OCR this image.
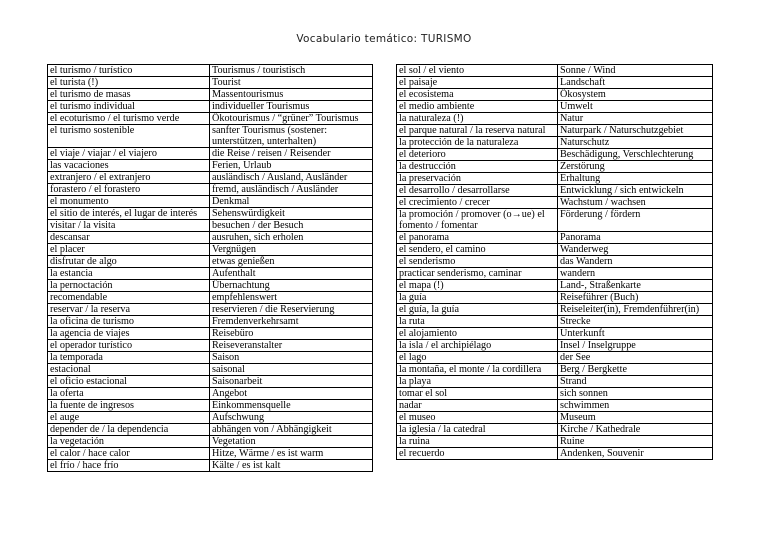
Vocabulario temático: TURISMO
el turismo / turístico	Tourismus / touristisch
el turista (!)	Tourist
el turismo de masas	Massentourismus
el turismo individual	individueller Tourismus
el ecoturismo / el turismo verde	Ökotourismus / “grüner” Tourismus
el turismo sostenible	sanfter Tourismus (sostener: unterstützen, unterhalten)
el viaje / viajar / el viajero	die Reise / reisen / Reisender
las vacaciones	Ferien, Urlaub
extranjero / el extranjero	ausländisch / Ausland, Ausländer
forastero / el forastero	fremd, ausländisch / Ausländer
el monumento	Denkmal
el sitio de interés, el lugar de interés	Sehenswürdigkeit
visitar / la visita	besuchen / der Besuch
descansar	ausruhen, sich erholen
el placer	Vergnügen
disfrutar de algo	etwas genießen
la estancia	Aufenthalt
la pernoctación	Übernachtung
recomendable	empfehlenswert
reservar / la reserva	reservieren / die Reservierung
la oficina de turismo	Fremdenverkehrsamt
la agencia de viajes	Reisebüro
el operador turístico	Reiseveranstalter
la temporada	Saison
estacional	saisonal
el oficio estacional	Saisonarbeit
la oferta	Angebot
la fuente de ingresos	Einkommensquelle
el auge	Aufschwung
depender de / la dependencia	abhängen von / Abhängigkeit
la vegetación	Vegetation
el calor / hace calor	Hitze, Wärme / es ist warm
el frío / hace frío	Kälte / es ist kalt
el sol / el viento	Sonne / Wind
el paisaje	Landschaft
el ecosistema	Ökosystem
el medio ambiente	Umwelt
la naturaleza (!)	Natur
el parque natural / la reserva natural	Naturpark / Naturschutzgebiet
la protección de la naturaleza	Naturschutz
el deterioro	Beschädigung, Verschlechterung
la destrucción	Zerstörung
la preservación	Erhaltung
el desarrollo / desarrollarse	Entwicklung / sich entwickeln
el crecimiento / crecer	Wachstum / wachsen
la promoción / promover (o→ue) el fomento / fomentar	Förderung / fördern
el panorama	Panorama
el sendero, el camino	Wanderweg
el senderismo	das Wandern
practicar senderismo, caminar	wandern
el mapa (!)	Land-, Straßenkarte
la guía	Reiseführer (Buch)
el guía, la guía	Reiseleiter(in), Fremdenführer(in)
la ruta	Strecke
el alojamiento	Unterkunft
la isla / el archipiélago	Insel / Inselgruppe
el lago	der See
la montaña, el monte / la cordillera	Berg / Bergkette
la playa	Strand
tomar el sol	sich sonnen
nadar	schwimmen
el museo	Museum
la iglesia / la catedral	Kirche / Kathedrale
la ruina	Ruine
el recuerdo	Andenken, Souvenir
